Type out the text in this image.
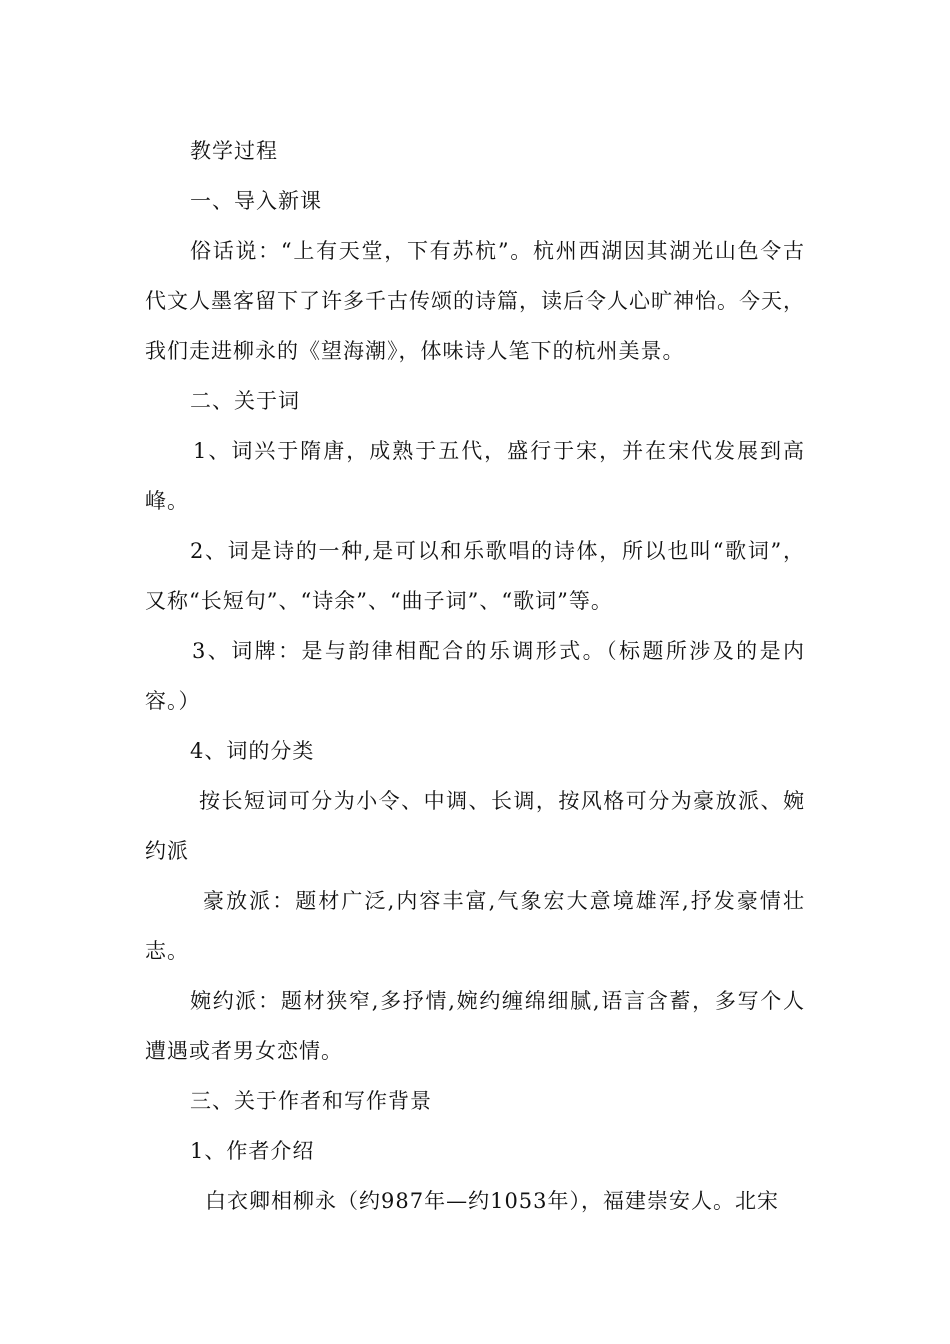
教学过程

一、导入新课

俗话说：“上有天堂，下有苏杭”。杭州西湖因其湖光山色令古代文人墨客留下了许多千古传颂的诗篇，读后令人心旷神怡。今天，我们走进柳永的《望海潮》，体味诗人笔下的杭州美景。

二、关于词

1、词兴于隋唐，成熟于五代，盛行于宋，并在宋代发展到高峰。

2、词是诗的一种,是可以和乐歌唱的诗体，所以也叫“歌词”，又称“长短句”、“诗余”、“曲子词”、“歌词”等。

3、词牌：是与韵律相配合的乐调形式。（标题所涉及的是内容。）

4、词的分类

按长短词可分为小令、中调、长调，按风格可分为豪放派、婉约派

豪放派：题材广泛,内容丰富,气象宏大意境雄浑,抒发豪情壮志。

婉约派：题材狭窄,多抒情,婉约缠绵细腻,语言含蓄，多写个人遭遇或者男女恋情。

三、关于作者和写作背景

1、作者介绍

白衣卿相柳永（约987年—约1053年），福建崇安人。北宋
